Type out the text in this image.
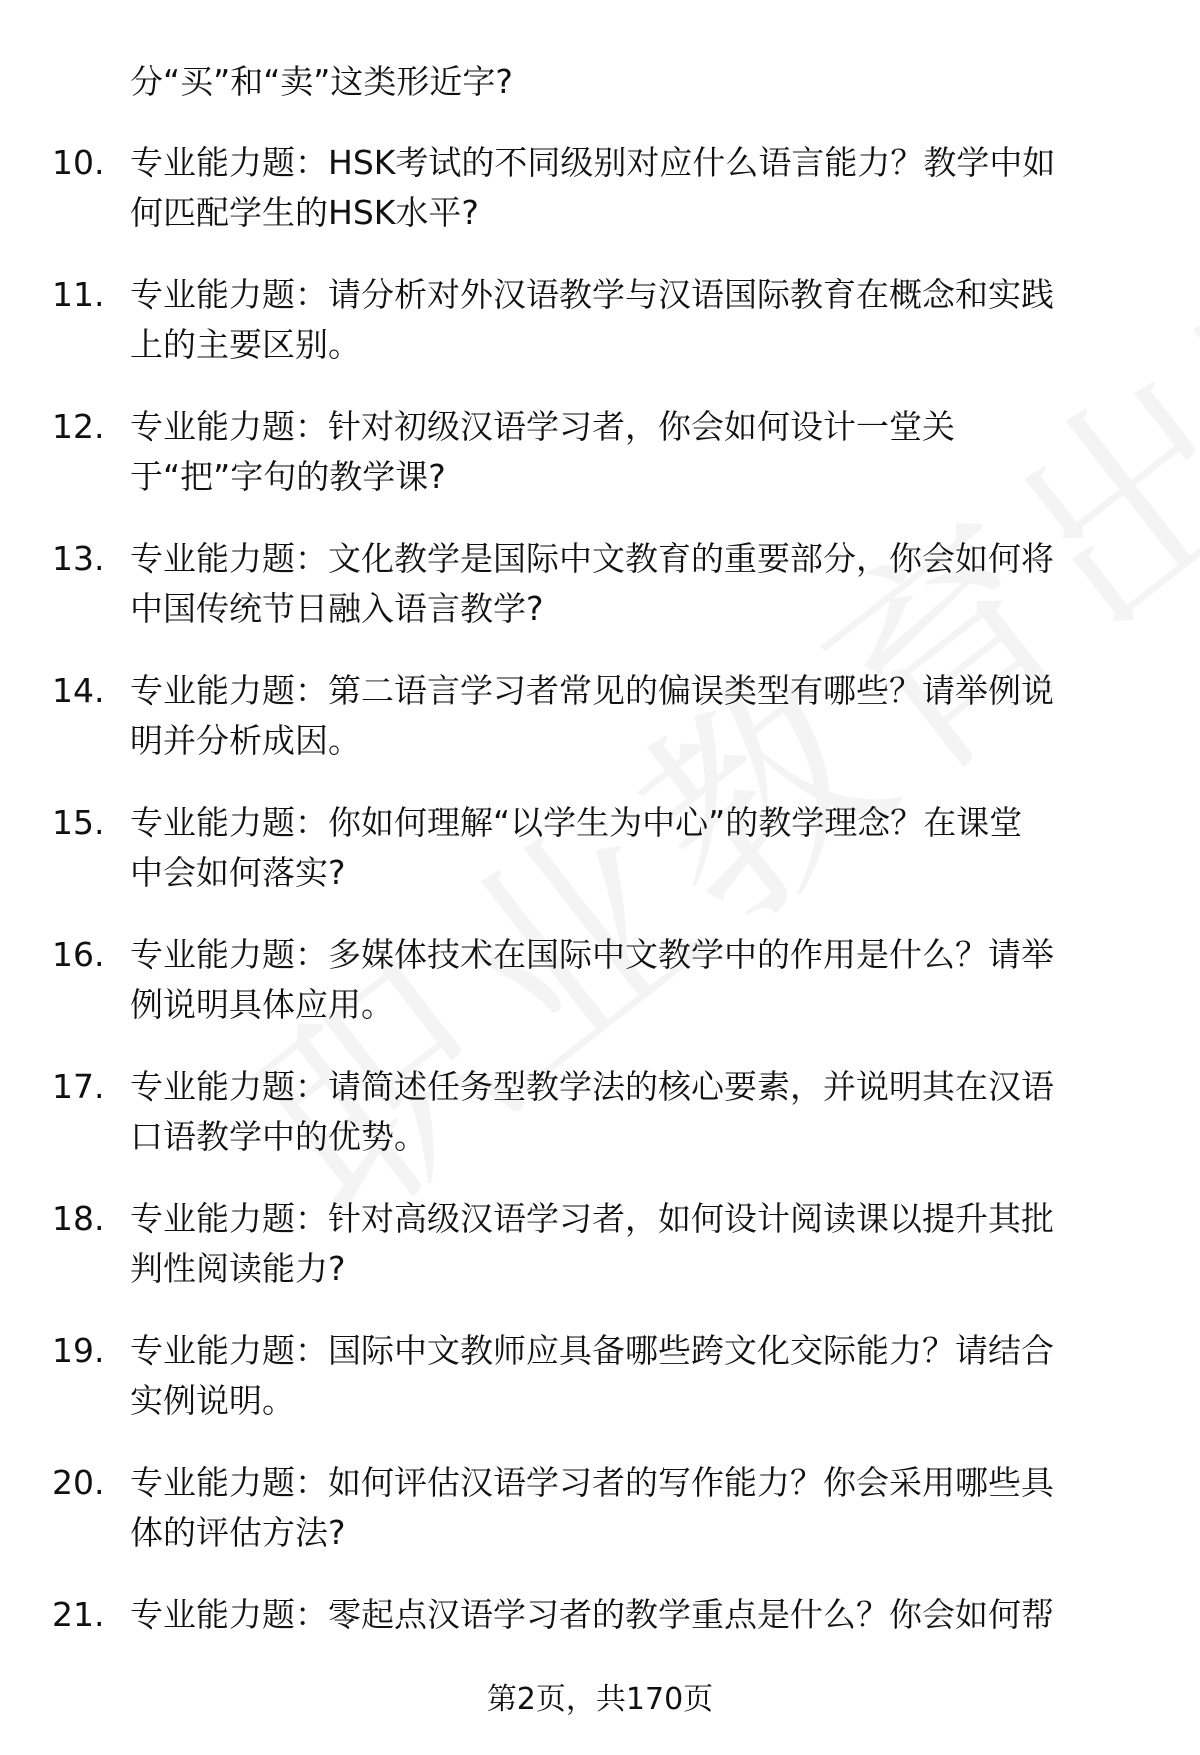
分“买”和“卖”这类形近字?
10. 专业能力题：HSK考试的不同级别对应什么语言能力？教学中如
何匹配学生的HSK水平?
11. 专业能力题：请分析对外汉语教学与汉语国际教育在概念和实践
上的主要区别。
12. 专业能力题：针对初级汉语学习者，你会如何设计一堂关
于“把”字句的教学课?
13. 专业能力题：文化教学是国际中文教育的重要部分，你会如何将
中国传统节日融入语言教学?
14. 专业能力题：第二语言学习者常见的偏误类型有哪些？请举例说
明并分析成因。
15. 专业能力题：你如何理解“以学生为中心”的教学理念？在课堂
中会如何落实?
16. 专业能力题：多媒体技术在国际中文教学中的作用是什么？请举
例说明具体应用。
17. 专业能力题：请简述任务型教学法的核心要素，并说明其在汉语
口语教学中的优势。
18. 专业能力题：针对高级汉语学习者，如何设计阅读课以提升其批
判性阅读能力?
19. 专业能力题：国际中文教师应具备哪些跨文化交际能力？请结合
实例说明。
20. 专业能力题：如何评估汉语学习者的写作能力？你会采用哪些具
体的评估方法?
21. 专业能力题：零起点汉语学习者的教学重点是什么？你会如何帮
第2页，共170页
